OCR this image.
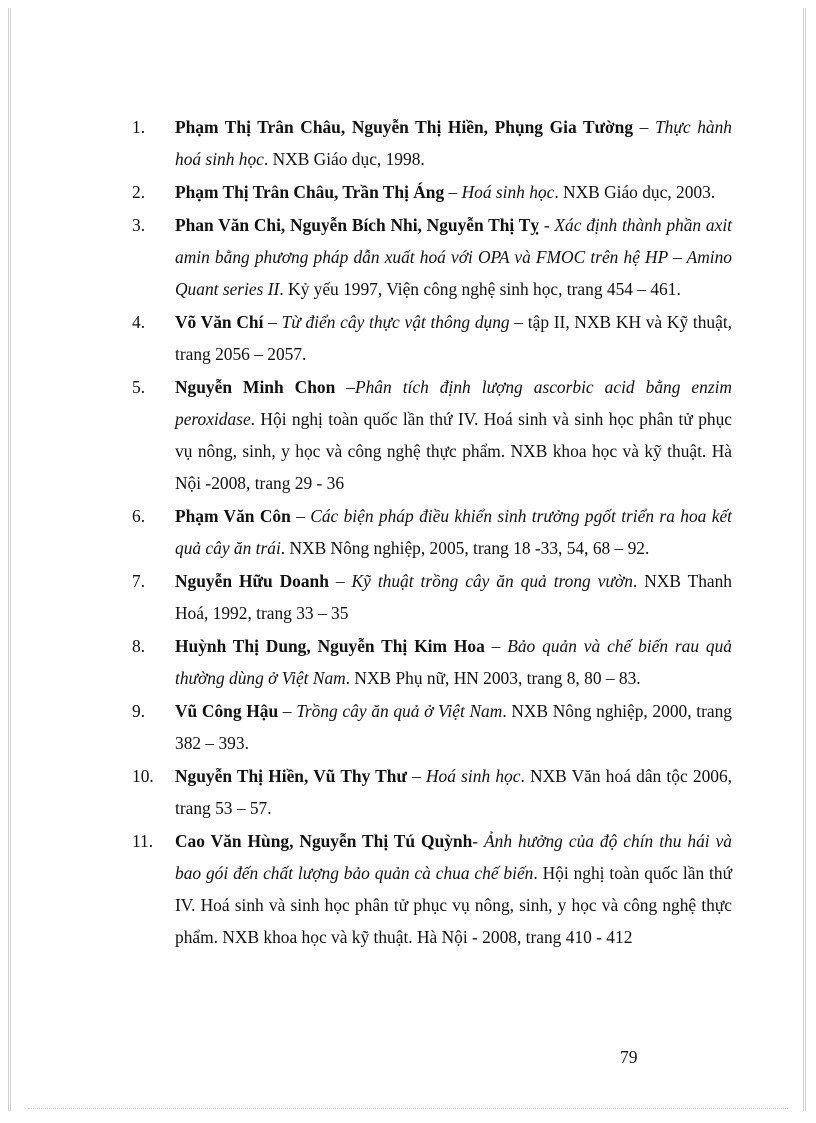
1. Phạm Thị Trân Châu, Nguyễn Thị Hiền, Phụng Gia Tường – Thực hành hoá sinh học. NXB Giáo dục, 1998.
2. Phạm Thị Trân Châu, Trần Thị Áng – Hoá sinh học. NXB Giáo dục, 2003.
3. Phan Văn Chi, Nguyễn Bích Nhi, Nguyễn Thị Tỵ - Xác định thành phần axit amin bằng phương pháp dẫn xuất hoá với OPA và FMOC trên hệ HP – Amino Quant series II. Kỷ yếu 1997, Viện công nghệ sinh học, trang 454 – 461.
4. Võ Văn Chí – Từ điển cây thực vật thông dụng – tập II, NXB KH và Kỹ thuật, trang 2056 – 2057.
5. Nguyễn Minh Chon –Phân tích định lượng ascorbic acid bằng enzim peroxidase. Hội nghị toàn quốc lần thứ IV. Hoá sinh và sinh học phân tử phục vụ nông, sinh, y học và công nghệ thực phẩm. NXB khoa học và kỹ thuật. Hà Nội -2008, trang 29 - 36
6. Phạm Văn Côn – Các biện pháp điều khiển sinh trưởng pgốt triển ra hoa kết quả cây ăn trái. NXB Nông nghiệp, 2005, trang 18 -33, 54, 68 – 92.
7. Nguyễn Hữu Doanh – Kỹ thuật trồng cây ăn quả trong vườn. NXB Thanh Hoá, 1992, trang 33 – 35
8. Huỳnh Thị Dung, Nguyễn Thị Kim Hoa – Bảo quản và chế biến rau quả thường dùng ở Việt Nam. NXB Phụ nữ, HN 2003, trang 8, 80 – 83.
9. Vũ Công Hậu – Trồng cây ăn quả ở Việt Nam. NXB Nông nghiệp, 2000, trang 382 – 393.
10. Nguyễn Thị Hiền, Vũ Thy Thư – Hoá sinh học. NXB Văn hoá dân tộc 2006, trang 53 – 57.
11. Cao Văn Hùng, Nguyễn Thị Tú Quỳnh- Ảnh hưởng của độ chín thu hái và bao gói đến chất lượng bảo quản cà chua chế biến. Hội nghị toàn quốc lần thứ IV. Hoá sinh và sinh học phân tử phục vụ nông, sinh, y học và công nghệ thực phẩm. NXB khoa học và kỹ thuật. Hà Nội - 2008, trang 410 - 412
79
